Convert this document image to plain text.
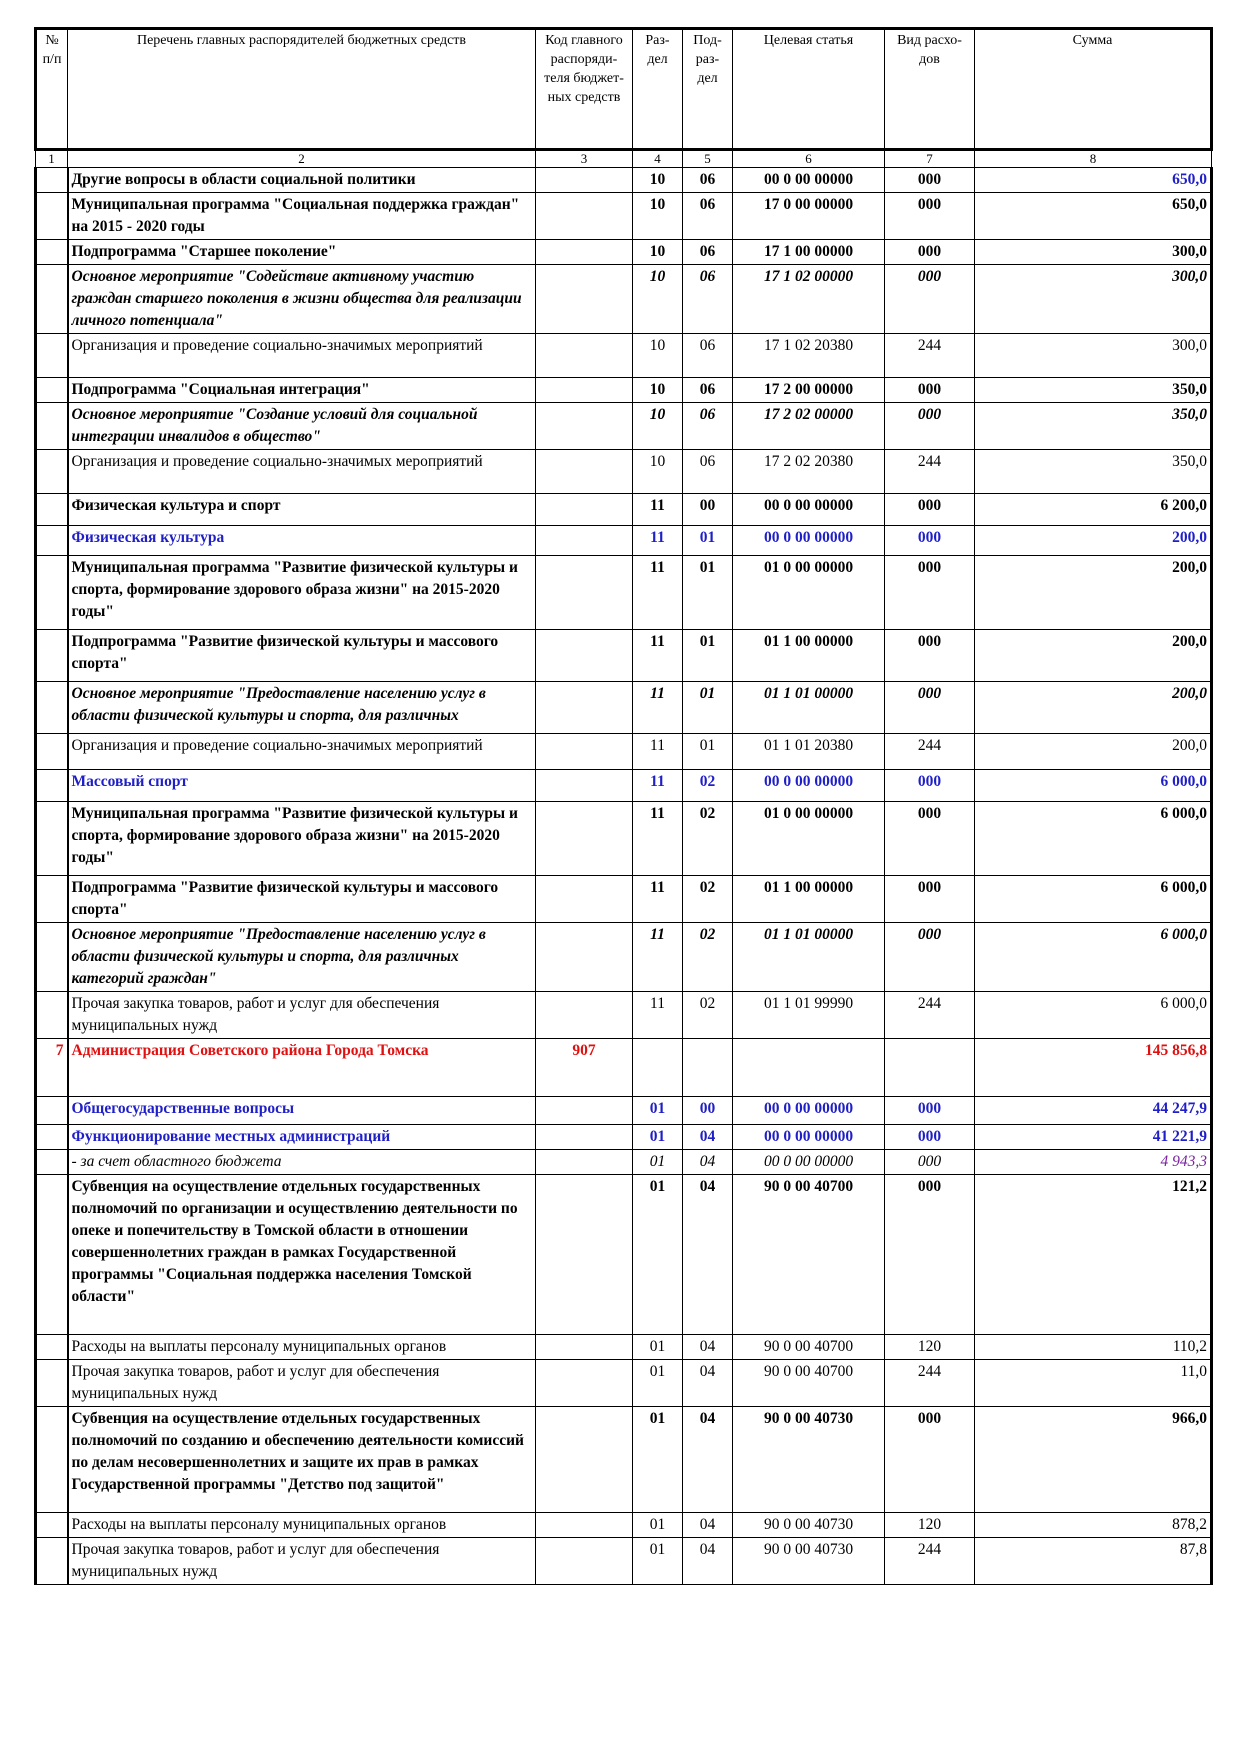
№ п/п	Перечень главных распорядителей бюджетных средств	Код главного распоряди-теля бюджет-ных средств	Раз-дел	Под-раз-дел	Целевая статья	Вид расхо-дов	Сумма
1	2	3	4	5	6	7	8
	Другие вопросы в области социальной политики		10	06	00 0 00 00000	000	650,0
	Муниципальная программа "Социальная поддержка граждан" на 2015 - 2020 годы		10	06	17 0 00 00000	000	650,0
	Подпрограмма "Старшее поколение"		10	06	17 1 00 00000	000	300,0
	Основное мероприятие "Содействие активному участию граждан старшего поколения в жизни общества для реализации личного потенциала"		10	06	17 1 02 00000	000	300,0
	Организация и проведение социально-значимых мероприятий		10	06	17 1 02 20380	244	300,0
	Подпрограмма "Социальная интеграция"		10	06	17 2 00 00000	000	350,0
	Основное мероприятие "Создание условий для социальной интеграции инвалидов в общество"		10	06	17 2 02 00000	000	350,0
	Организация и проведение социально-значимых мероприятий		10	06	17 2 02 20380	244	350,0
	Физическая культура и спорт		11	00	00 0 00 00000	000	6 200,0
	Физическая культура		11	01	00 0 00 00000	000	200,0
	Муниципальная программа "Развитие физической культуры и спорта, формирование здорового образа жизни" на 2015-2020 годы"		11	01	01 0 00 00000	000	200,0
	Подпрограмма "Развитие физической культуры и массового спорта"		11	01	01 1 00 00000	000	200,0
	Основное мероприятие "Предоставление населению услуг в области физической культуры и спорта, для различных		11	01	01 1 01 00000	000	200,0
	Организация и проведение социально-значимых мероприятий		11	01	01 1 01 20380	244	200,0
	Массовый спорт		11	02	00 0 00 00000	000	6 000,0
	Муниципальная программа "Развитие физической культуры и спорта, формирование здорового образа жизни" на 2015-2020 годы"		11	02	01 0 00 00000	000	6 000,0
	Подпрограмма "Развитие физической культуры и массового спорта"		11	02	01 1 00 00000	000	6 000,0
	Основное мероприятие "Предоставление населению услуг в области физической культуры и спорта, для различных категорий граждан"		11	02	01 1 01 00000	000	6 000,0
	Прочая закупка товаров, работ и услуг для обеспечения муниципальных нужд		11	02	01 1 01 99990	244	6 000,0
7	Администрация Советского района Города Томска	907					145 856,8
	Общегосударственные вопросы		01	00	00 0 00 00000	000	44 247,9
	Функционирование местных администраций		01	04	00 0 00 00000	000	41 221,9
	- за счет областного бюджета		01	04	00 0 00 00000	000	4 943,3
	Субвенция на осуществление отдельных государственных полномочий по организации и осуществлению деятельности по опеке и попечительству в Томской области в отношении совершеннолетних граждан в рамках Государственной программы "Социальная поддержка населения Томской области"		01	04	90 0 00 40700	000	121,2
	Расходы на выплаты персоналу муниципальных органов		01	04	90 0 00 40700	120	110,2
	Прочая закупка товаров, работ и услуг для обеспечения муниципальных нужд		01	04	90 0 00 40700	244	11,0
	Субвенция на осуществление отдельных государственных полномочий по созданию и обеспечению деятельности комиссий по делам несовершеннолетних и защите их прав в рамках Государственной программы "Детство под защитой"		01	04	90 0 00 40730	000	966,0
	Расходы на выплаты персоналу муниципальных органов		01	04	90 0 00 40730	120	878,2
	Прочая закупка товаров, работ и услуг для обеспечения муниципальных нужд		01	04	90 0 00 40730	244	87,8
